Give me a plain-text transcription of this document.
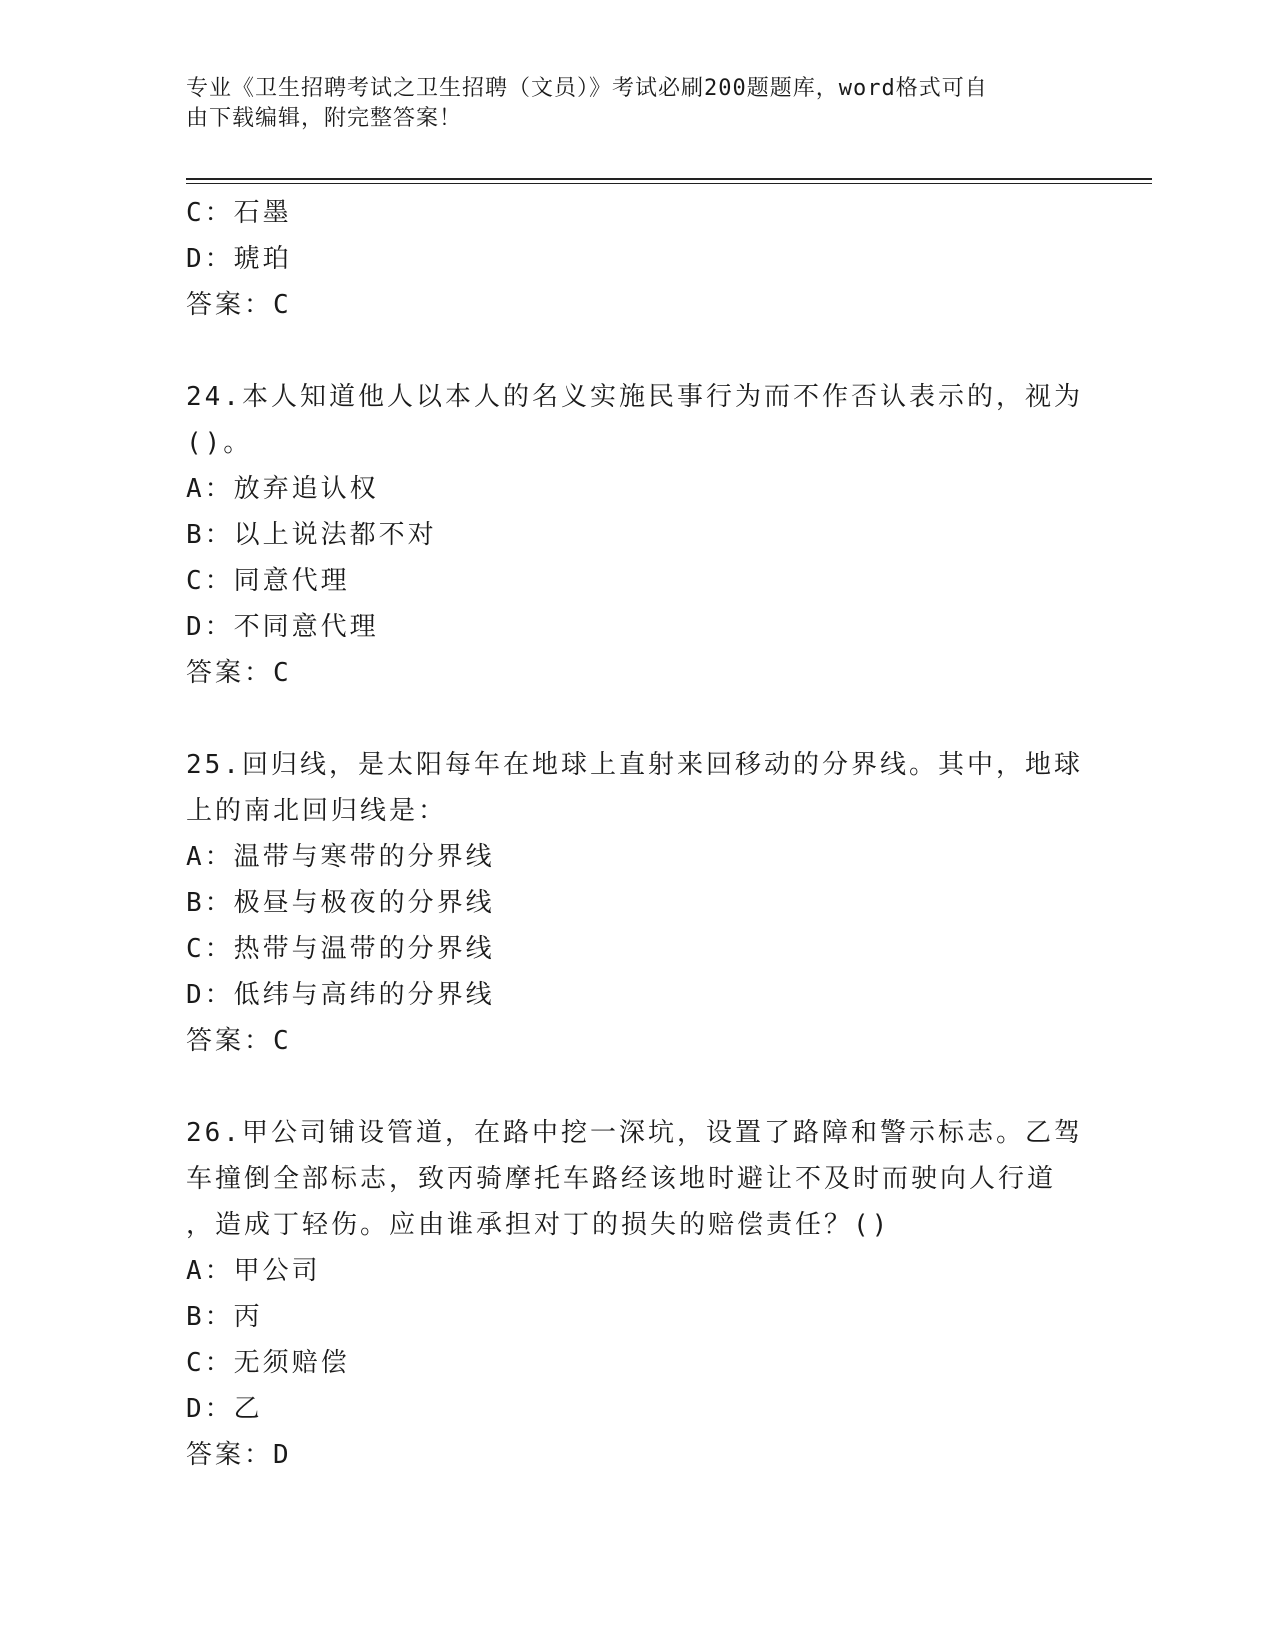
专业《卫生招聘考试之卫生招聘（文员）》考试必刷200题题库，word格式可自
由下载编辑，附完整答案！
C：石墨
D：琥珀
答案：C
24.本人知道他人以本人的名义实施民事行为而不作否认表示的，视为
()。
A：放弃追认权
B：以上说法都不对
C：同意代理
D：不同意代理
答案：C
25.回归线，是太阳每年在地球上直射来回移动的分界线。其中，地球
上的南北回归线是：
A：温带与寒带的分界线
B：极昼与极夜的分界线
C：热带与温带的分界线
D：低纬与高纬的分界线
答案：C
26.甲公司铺设管道，在路中挖一深坑，设置了路障和警示标志。乙驾
车撞倒全部标志，致丙骑摩托车路经该地时避让不及时而驶向人行道
，造成丁轻伤。应由谁承担对丁的损失的赔偿责任？()
A：甲公司
B：丙
C：无须赔偿
D：乙
答案：D
